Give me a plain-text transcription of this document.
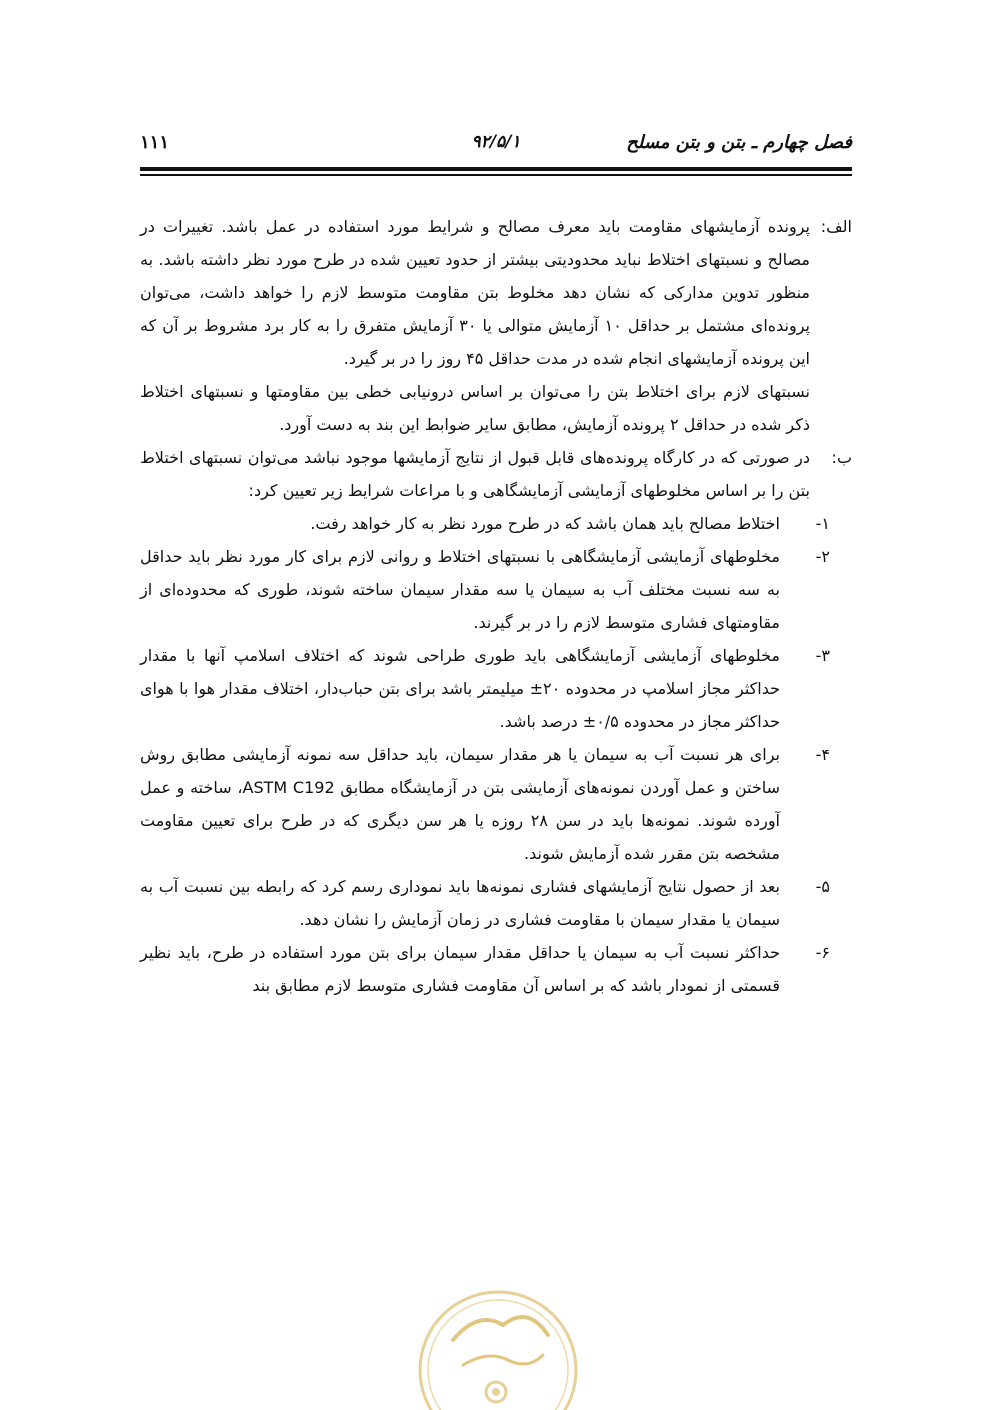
فصل چهارم ـ بتن و بتن مسلح
۹۲/۵/۱
۱۱۱
الف:
پرونده آزمایشهای مقاومت باید معرف مصالح و شرایط مورد استفاده در عمل باشد. تغییرات در مصالح و نسبتهای اختلاط نباید محدودیتی بیشتر از حدود تعیین شده در طرح مورد نظر داشته باشد. به منظور تدوین مدارکی که نشان دهد مخلوط بتن مقاومت متوسط لازم را خواهد داشت، می‌توان پرونده‌ای مشتمل بر حداقل ۱۰ آزمایش متوالی یا ۳۰ آزمایش متفرق را به کار برد مشروط بر آن که این پرونده آزمایشهای انجام شده در مدت حداقل ۴۵ روز را در بر گیرد.
نسبتهای لازم برای اختلاط بتن را می‌توان بر اساس درونیابی خطی بین مقاومتها و نسبتهای اختلاط ذکر شده در حداقل ۲ پرونده آزمایش، مطابق سایر ضوابط این بند به دست آورد.
ب:
در صورتی که در کارگاه پرونده‌های قابل قبول از نتایج آزمایشها موجود نباشد می‌توان نسبتهای اختلاط بتن را بر اساس مخلوطهای آزمایشی آزمایشگاهی و با مراعات شرایط زیر تعیین کرد:
۱-
اختلاط مصالح باید همان باشد که در طرح مورد نظر به کار خواهد رفت.
۲-
مخلوطهای آزمایشی آزمایشگاهی با نسبتهای اختلاط و روانی لازم برای کار مورد نظر باید حداقل به سه نسبت مختلف آب به سیمان یا سه مقدار سیمان ساخته شوند، طوری که محدوده‌ای از مقاومتهای فشاری متوسط لازم را در بر گیرند.
۳-
مخلوطهای آزمایشی آزمایشگاهی باید طوری طراحی شوند که اختلاف اسلامپ آنها با مقدار حداکثر مجاز اسلامپ در محدوده ۲۰± میلیمتر باشد برای بتن حباب‌دار، اختلاف مقدار هوا با هوای حداکثر مجاز در محدوده ۰/۵± درصد باشد.
۴-
برای هر نسبت آب به سیمان یا هر مقدار سیمان، باید حداقل سه نمونه آزمایشی مطابق روش ساختن و عمل آوردن نمونه‌های آزمایشی بتن در آزمایشگاه مطابق ASTM C192، ساخته و عمل آورده شوند. نمونه‌ها باید در سن ۲۸ روزه یا هر سن دیگری که در طرح برای تعیین مقاومت مشخصه بتن مقرر شده آزمایش شوند.
۵-
بعد از حصول نتایج آزمایشهای فشاری نمونه‌ها باید نموداری رسم کرد که رابطه بین نسبت آب به سیمان یا مقدار سیمان با مقاومت فشاری در زمان آزمایش را نشان دهد.
۶-
حداکثر نسبت آب به سیمان یا حداقل مقدار سیمان برای بتن مورد استفاده در طرح، باید نظیر قسمتی از نمودار باشد که بر اساس آن مقاومت فشاری متوسط لازم مطابق بند
